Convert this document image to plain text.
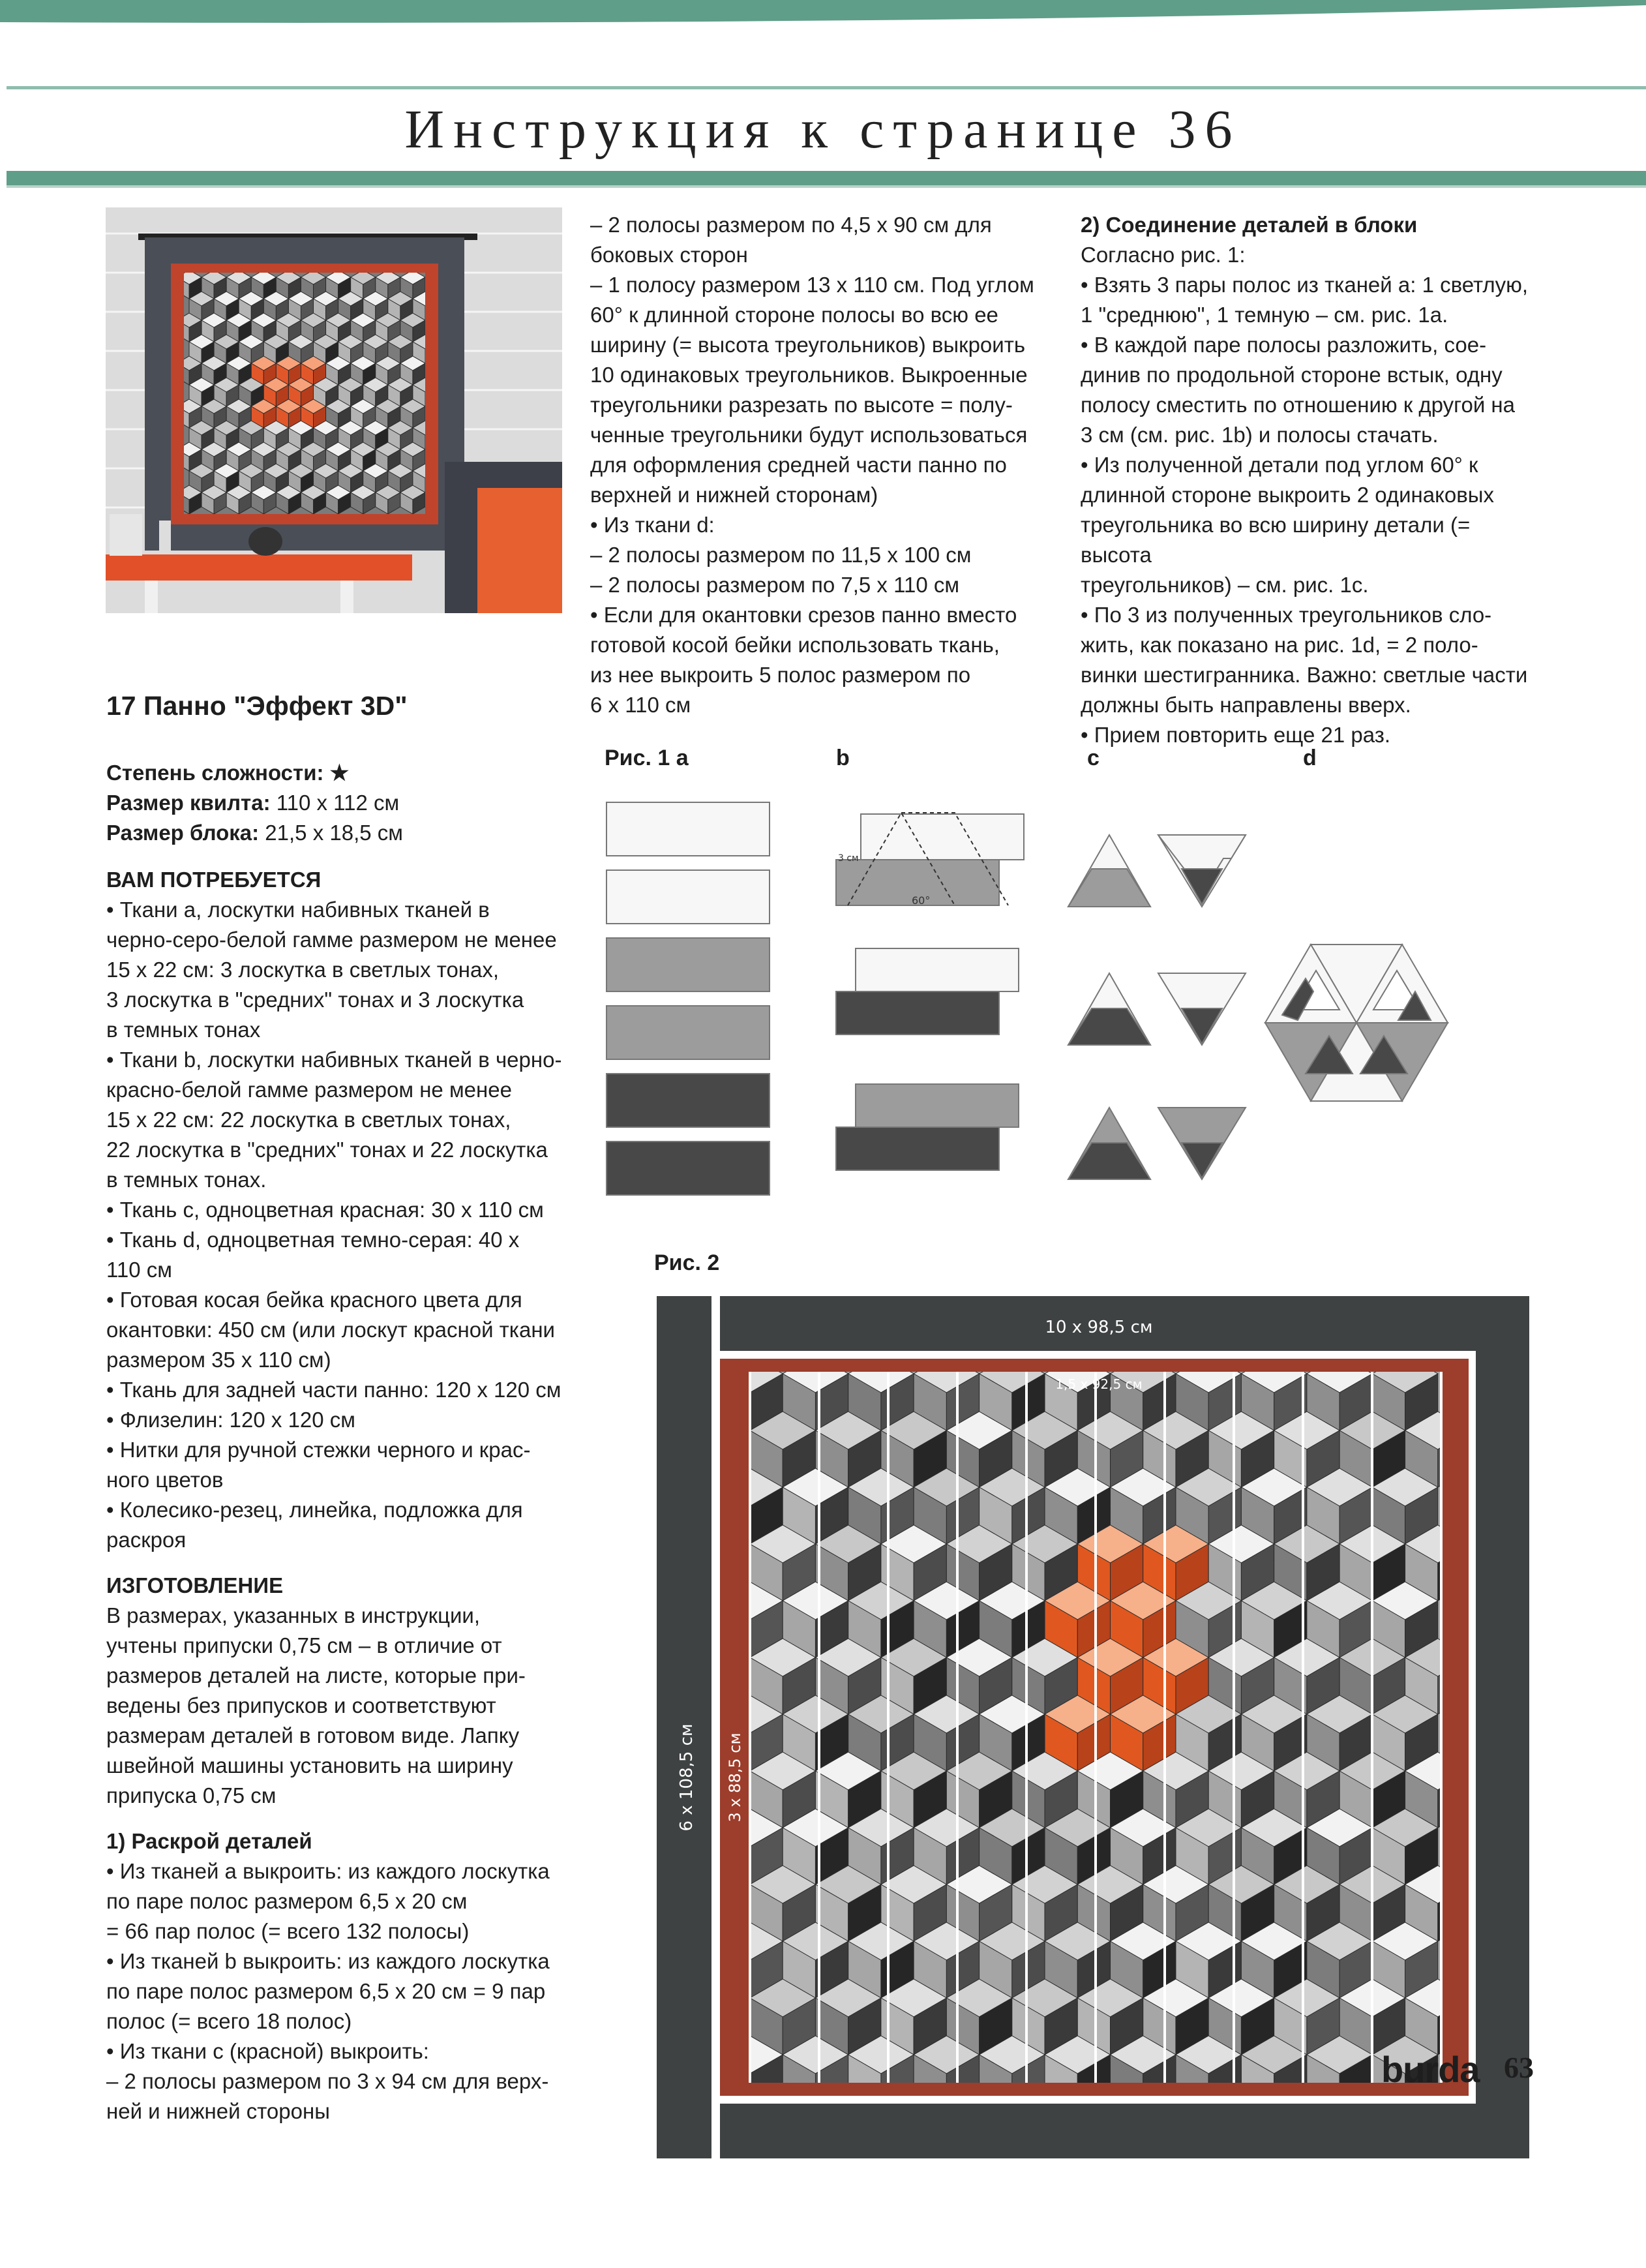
Инструкция к странице 36

17 Панно "Эффект 3D"

Степень сложности: ★

Размер квилта: 110 x 112 см

Размер блока: 21,5 x 18,5 см

ВАМ ПОТРЕБУЕТСЯ

• Ткани a, лоскутки набивных тканей в

черно-серо-белой гамме размером не менее

15 x 22 см: 3 лоскутка в светлых тонах,

3 лоскутка в "средних" тонах и 3 лоскутка

в темных тонах

• Ткани b, лоскутки набивных тканей в черно-

красно-белой гамме размером не менее

15 x 22 см: 22 лоскутка в светлых тонах,

22 лоскутка в "средних" тонах и 22 лоскутка

в темных тонах.

• Ткань c, одноцветная красная: 30 x 110 см

• Ткань d, одноцветная темно-серая: 40 x

110 см

• Готовая косая бейка красного цвета для

окантовки: 450 см (или лоскут красной ткани

размером 35 x 110 см)

• Ткань для задней части панно: 120 x 120 см

• Флизелин: 120 x 120 см

• Нитки для ручной стежки черного и крас-

ного цветов

• Колесико-резец, линейка, подложка для

раскроя

ИЗГОТОВЛЕНИЕ

В размерах, указанных в инструкции,

учтены припуски 0,75 см – в отличие от

размеров деталей на листе, которые при-

ведены без припусков и соответствуют

размерам деталей в готовом виде. Лапку

швейной машины установить на ширину

припуска 0,75 см

1) Раскрой деталей

• Из тканей a выкроить: из каждого лоскутка

по паре полос размером 6,5 x 20 см

= 66 пар полос (= всего 132 полосы)

• Из тканей b выкроить: из каждого лоскутка

по паре полос размером 6,5 x 20 см = 9 пар

полос (= всего 18 полос)

• Из ткани c (красной) выкроить:

– 2 полосы размером по 3 x 94 см для верх-

ней и нижней стороны

– 2 полосы размером по 4,5 x 90 см для

боковых сторон

– 1 полосу размером 13 x 110 см. Под углом

60° к длинной стороне полосы во всю ее

ширину (= высота треугольников) выкроить

10 одинаковых треугольников. Выкроенные

треугольники разрезать по высоте = полу-

ченные треугольники будут использоваться

для оформления средней части панно по

верхней и нижней сторонам)

• Из ткани d:

– 2 полосы размером по 11,5 x 100 см

– 2 полосы размером по 7,5 x 110 см

• Если для окантовки срезов панно вместо

готовой косой бейки использовать ткань,

из нее выкроить 5 полос размером по

6 x 110 см

2) Соединение деталей в блоки

Согласно рис. 1:

• Взять 3 пары полос из тканей a: 1 светлую,

1 "среднюю", 1 темную – см. рис. 1a.

• В каждой паре полосы разложить, сое-

динив по продольной стороне встык, одну

полосу сместить по отношению к другой на

3 см (см. рис. 1b) и полосы стачать.

• Из полученной детали под углом 60° к

длинной стороне выкроить 2 одинаковых

треугольника во всю ширину детали (= высота

треугольников) – см. рис. 1c.

• По 3 из полученных треугольников сло-

жить, как показано на рис. 1d, = 2 поло-

винки шестигранника. Важно: светлые части

должны быть направлены вверх.

• Прием повторить еще 21 раз.

Рис. 1 a	b	c	d
3 см
60°
Рис. 2
10 x 98,5 см
1,5 x 92,5 см
6 x 108,5 см 3 x 88,5 см
burda 63
